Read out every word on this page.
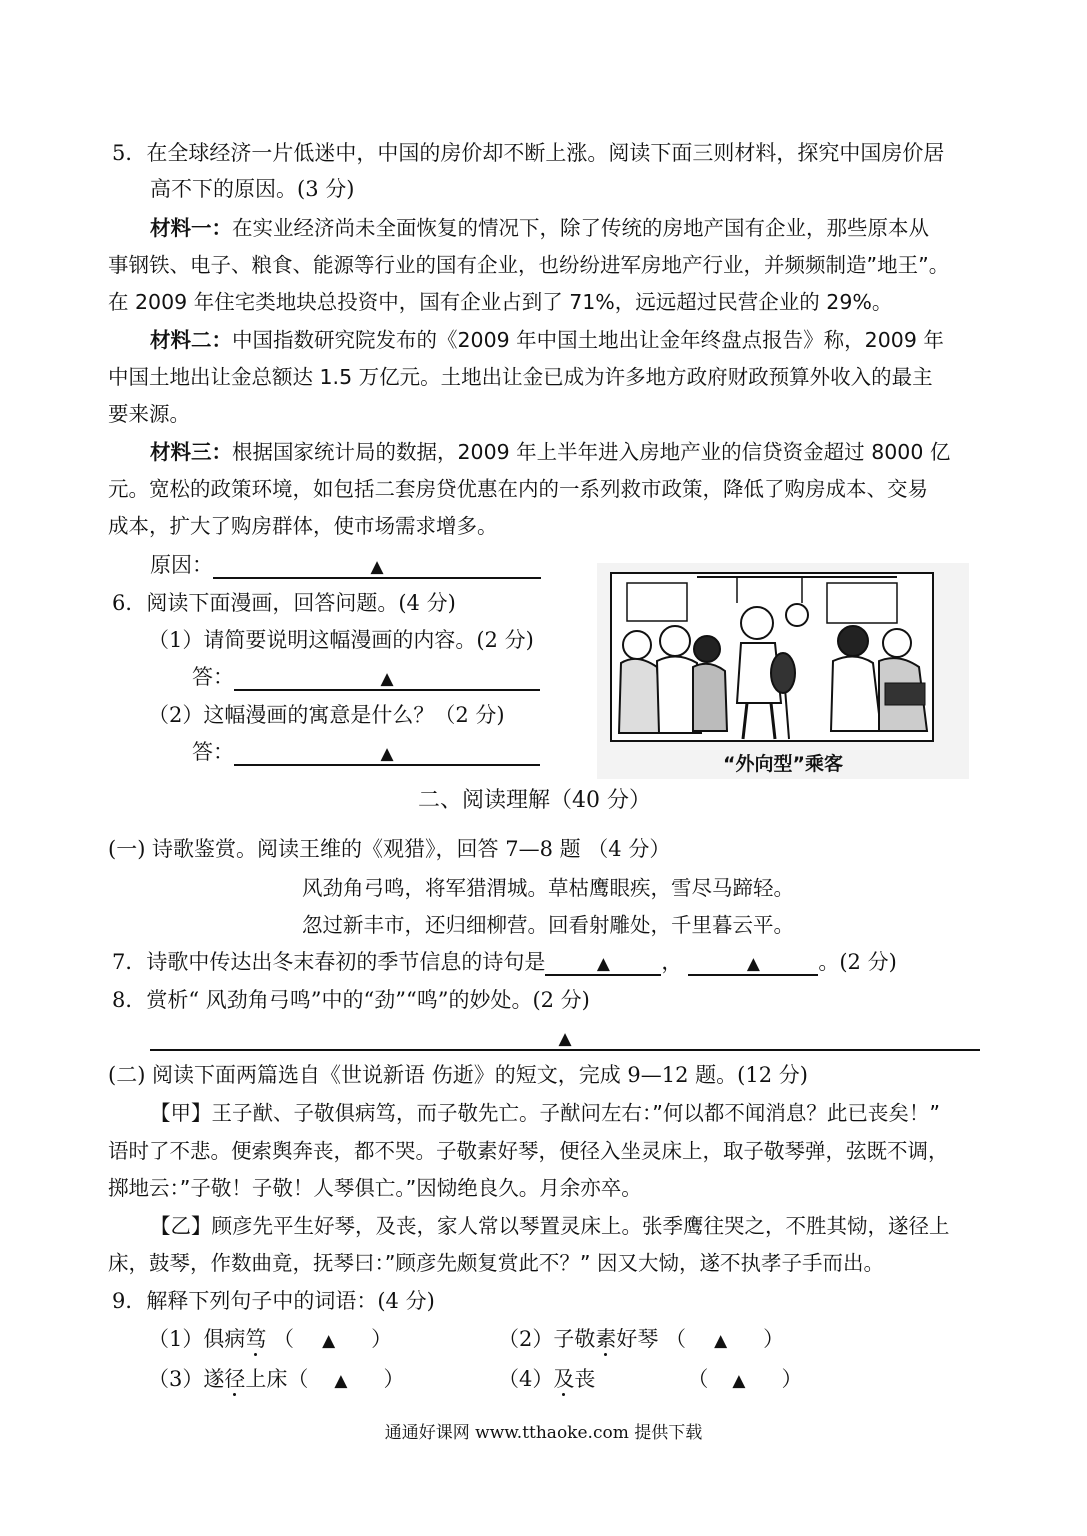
5．在全球经济一片低迷中，中国的房价却不断上涨。阅读下面三则材料，探究中国房价居
高不下的原因。(3 分)
材料一：在实业经济尚未全面恢复的情况下，除了传统的房地产国有企业，那些原本从
事钢铁、电子、粮食、能源等行业的国有企业，也纷纷进军房地产行业，并频频制造”地王”。
在 2009 年住宅类地块总投资中，国有企业占到了 71%，远远超过民营企业的 29%。
材料二：中国指数研究院发布的《2009 年中国土地出让金年终盘点报告》称，2009 年
中国土地出让金总额达 1.5 万亿元。土地出让金已成为许多地方政府财政预算外收入的最主
要来源。
材料三：根据国家统计局的数据，2009 年上半年进入房地产业的信贷资金超过 8000 亿
元。宽松的政策环境，如包括二套房贷优惠在内的一系列救市政策，降低了购房成本、交易
成本，扩大了购房群体，使市场需求增多。
原因：	▲
6．阅读下面漫画，回答问题。(4 分)
（1）请简要说明这幅漫画的内容。(2 分)
答：	▲
（2）这幅漫画的寓意是什么？（2 分)
答：	▲	“外向型”乘客
二、阅读理解（40 分）
(一) 诗歌鉴赏。阅读王维的《观猎》，回答 7—8 题 （4 分）
风劲角弓鸣，将军猎渭城。草枯鹰眼疾，雪尽马蹄轻。
忽过新丰市，还归细柳营。回看射雕处，千里暮云平。
7．诗歌中传达出冬末春初的季节信息的诗句是	▲ ，	▲	。(2 分)
8．赏析“ 风劲角弓鸣”中的“劲”“鸣”的妙处。(2 分)
▲
(二) 阅读下面两篇选自《世说新语 伤逝》的短文，完成 9—12 题。(12 分)
【甲】王子猷、子敬俱病笃，而子敬先亡。子猷问左右：”何以都不闻消息？此已丧矣！”
语时了不悲。便索舆奔丧，都不哭。子敬素好琴，便径入坐灵床上，取子敬琴弹，弦既不调，
掷地云：”子敬！子敬！人琴俱亡。”因恸绝良久。月余亦卒。
【乙】顾彦先平生好琴，及丧，家人常以琴置灵床上。张季鹰往哭之，不胜其恸，遂径上
床，鼓琴，作数曲竟，抚琴曰：”顾彦先颇复赏此不？” 因又大恸，遂不执孝子手而出。
9．解释下列句子中的词语：(4 分)
（1）俱病笃 （ ▲ ）	（2）子敬素好琴 （ ▲ ）
（3）遂径上床（ ▲ ）	（4）及丧	（ ▲ ）
通通好课网 www.tthaoke.com 提供下载
